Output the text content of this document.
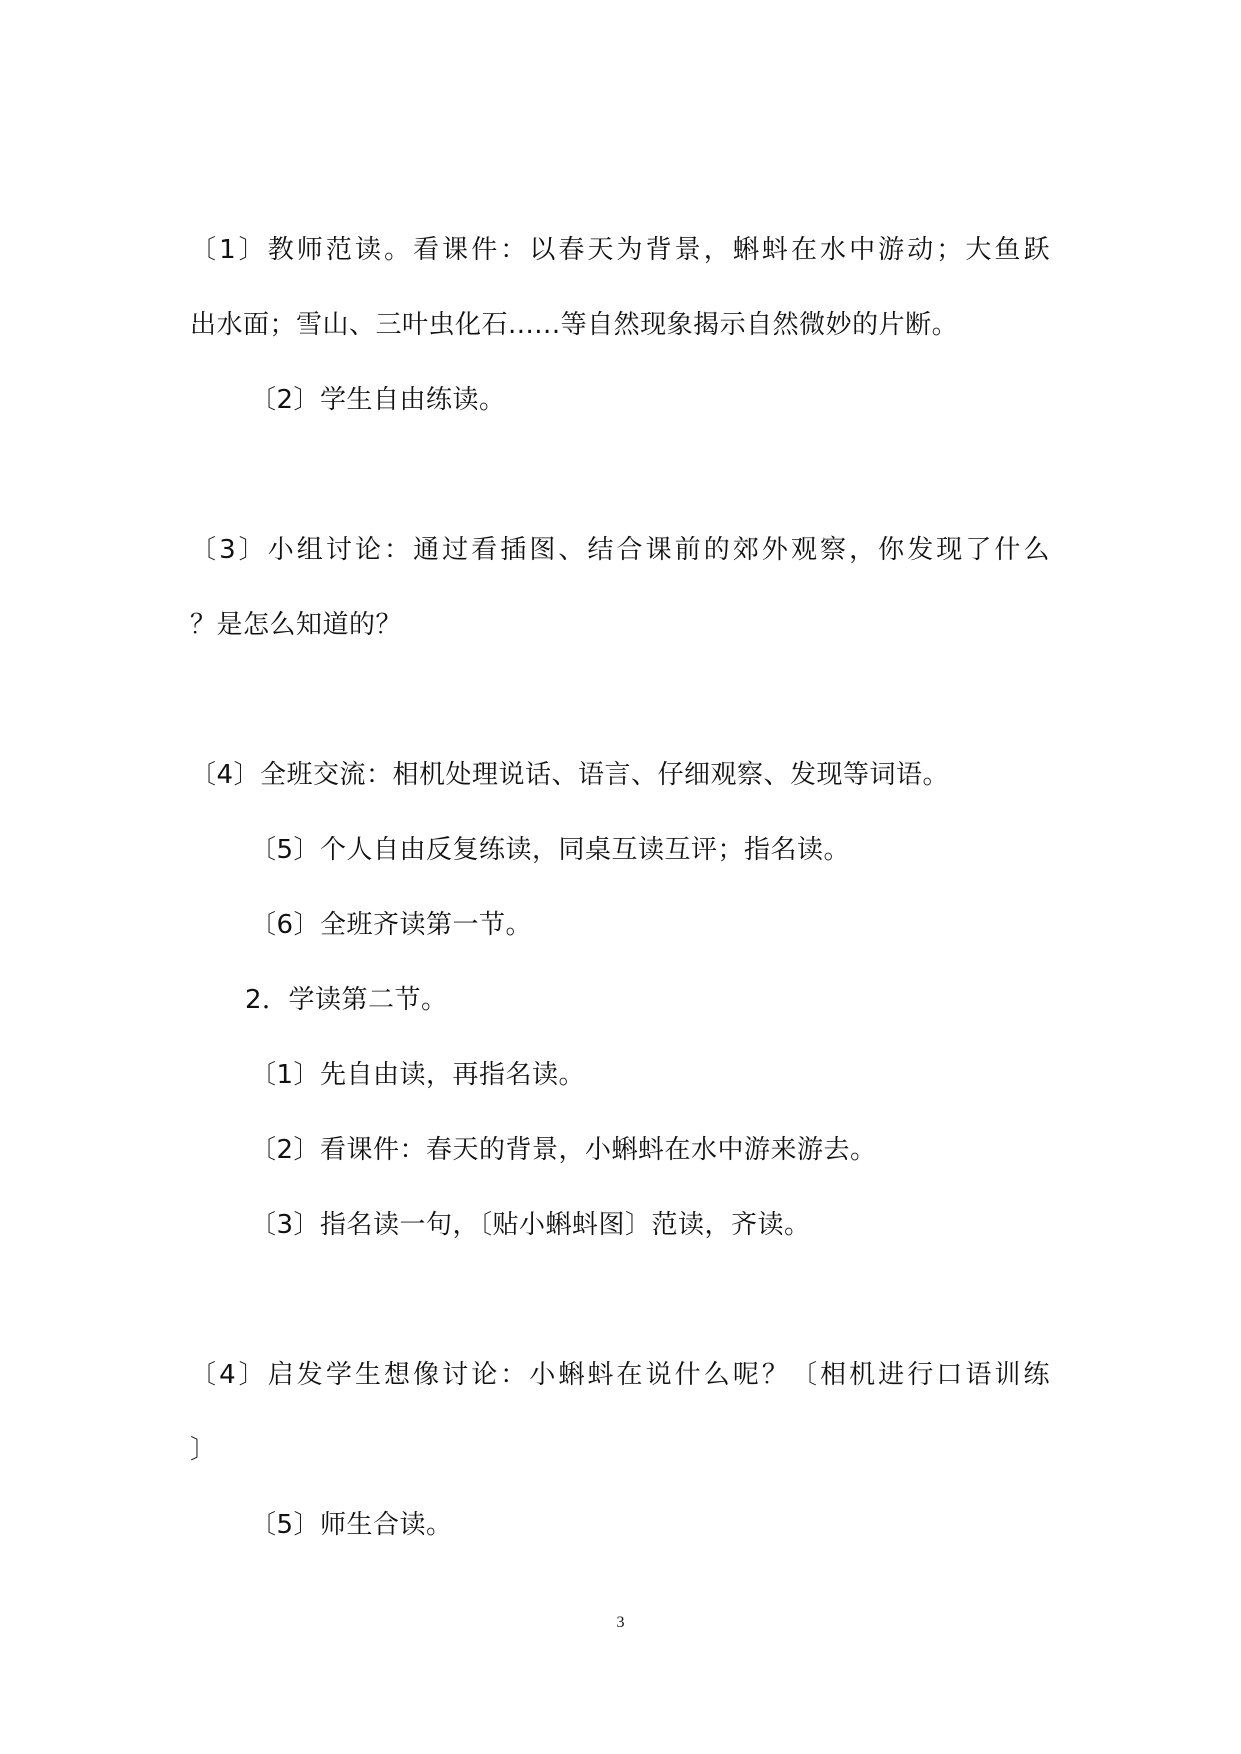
〔1〕教师范读。看课件：以春天为背景，蝌蚪在水中游动；大鱼跃

出水面；雪山、三叶虫化石......等自然现象揭示自然微妙的片断。

〔2〕学生自由练读。

〔3〕小组讨论：通过看插图、结合课前的郊外观察，你发现了什么

？是怎么知道的？

〔4〕全班交流：相机处理说话、语言、仔细观察、发现等词语。

〔5〕个人自由反复练读，同桌互读互评；指名读。

〔6〕全班齐读第一节。

2．学读第二节。

〔1〕先自由读，再指名读。

〔2〕看课件：春天的背景，小蝌蚪在水中游来游去。

〔3〕指名读一句，〔贴小蝌蚪图〕范读，齐读。

〔4〕启发学生想像讨论：小蝌蚪在说什么呢？〔相机进行口语训练

〕

〔5〕师生合读。

3
